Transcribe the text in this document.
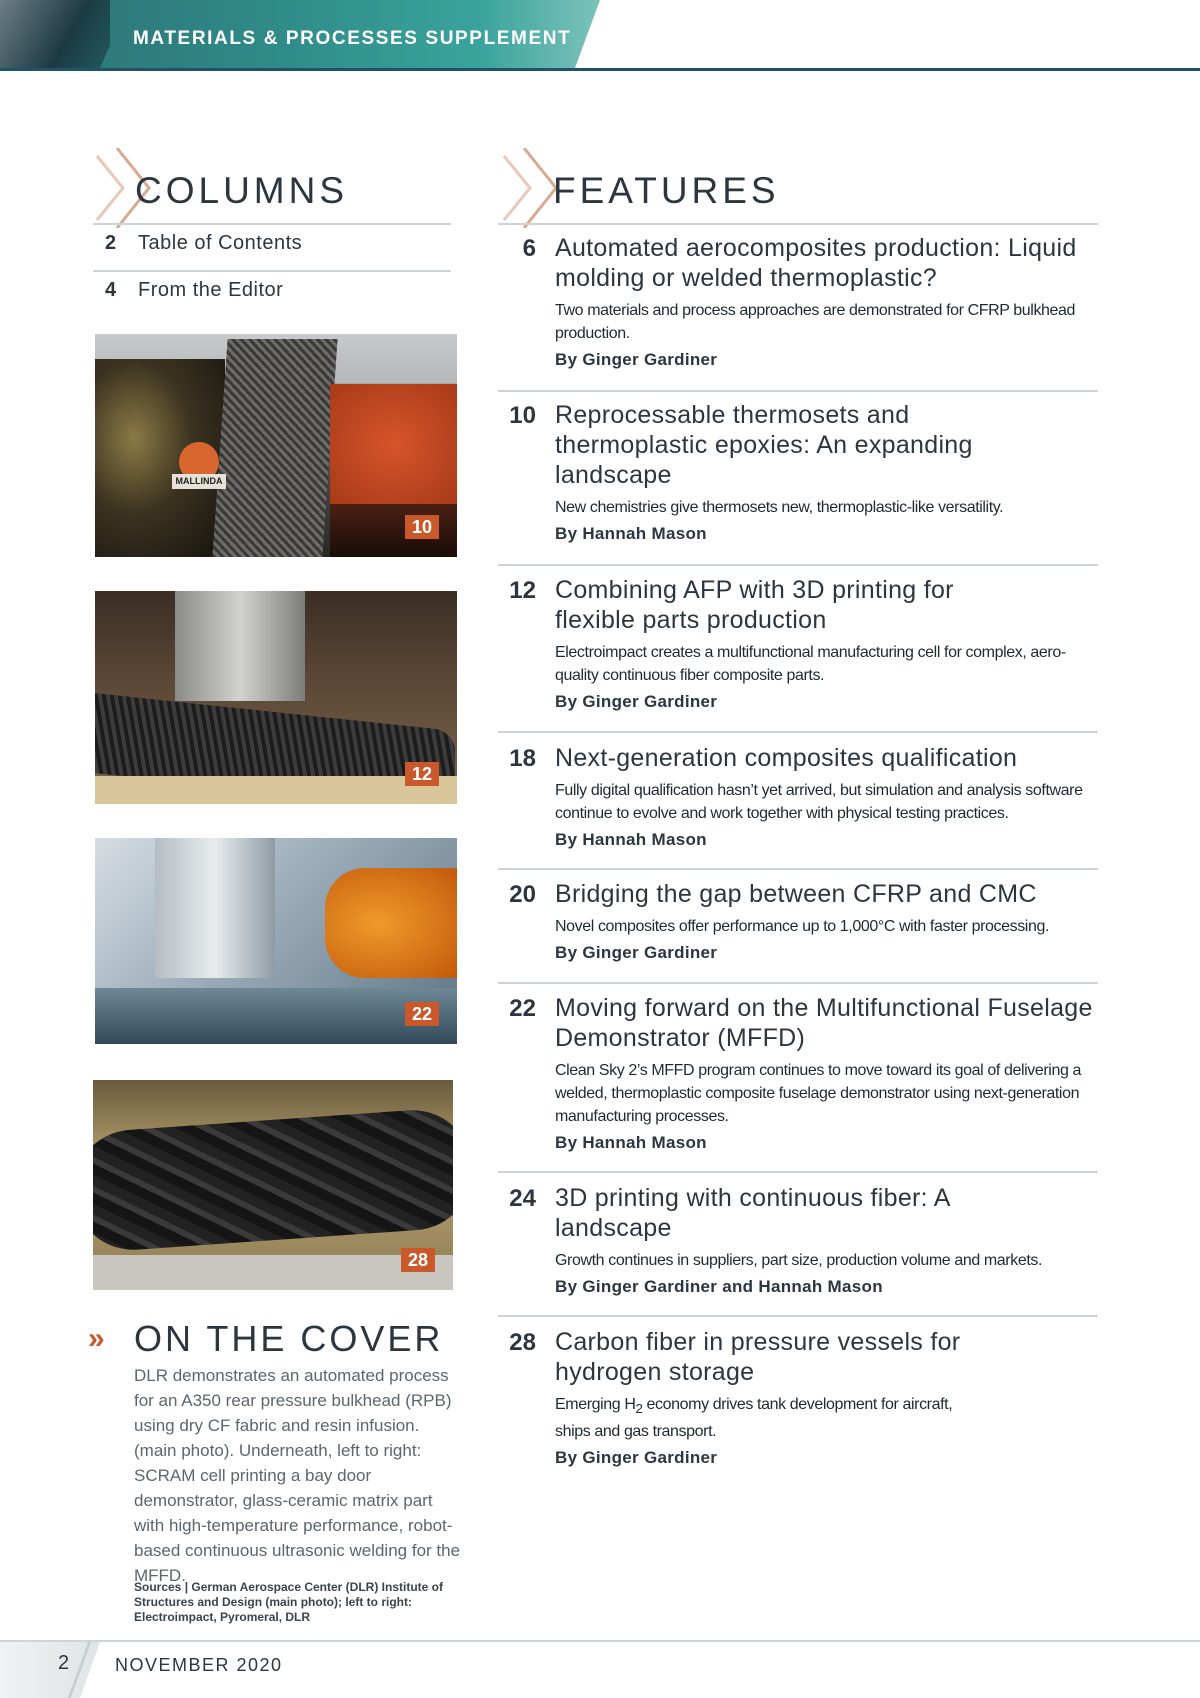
MATERIALS & PROCESSES SUPPLEMENT
COLUMNS
2 Table of Contents
4 From the Editor
MALLINDA
10
12
22
28
FEATURES
6 Automated aerocomposites production: Liquid molding or welded thermoplastic?
Two materials and process approaches are demonstrated for CFRP bulkhead production.
By Ginger Gardiner
10 Reprocessable thermosets and thermoplastic epoxies: An expanding landscape
New chemistries give thermosets new, thermoplastic-like versatility.
By Hannah Mason
12 Combining AFP with 3D printing for flexible parts production
Electroimpact creates a multifunctional manufacturing cell for complex, aero-quality continuous fiber composite parts.
By Ginger Gardiner
18 Next-generation composites qualification
Fully digital qualification hasn’t yet arrived, but simulation and analysis software continue to evolve and work together with physical testing practices.
By Hannah Mason
20 Bridging the gap between CFRP and CMC
Novel composites offer performance up to 1,000°C with faster processing.
By Ginger Gardiner
22 Moving forward on the Multifunctional Fuselage Demonstrator (MFFD)
Clean Sky 2’s MFFD program continues to move toward its goal of delivering a welded, thermoplastic composite fuselage demonstrator using next-generation manufacturing processes.
By Hannah Mason
24 3D printing with continuous fiber: A landscape
Growth continues in suppliers, part size, production volume and markets.
By Ginger Gardiner and Hannah Mason
28 Carbon fiber in pressure vessels for hydrogen storage
Emerging $H_2$ economy drives tank development for aircraft, ships and gas transport.
By Ginger Gardiner
» ON THE COVER
DLR demonstrates an automated process for an A350 rear pressure bulkhead (RPB) using dry CF fabric and resin infusion. (main photo). Underneath, left to right: SCRAM cell printing a bay door demonstrator, glass-ceramic matrix part with high-temperature performance, robot-based continuous ultrasonic welding for the MFFD.
Sources | German Aerospace Center (DLR) Institute of Structures and Design (main photo); left to right: Electroimpact, Pyromeral, DLR
2	NOVEMBER 2020
